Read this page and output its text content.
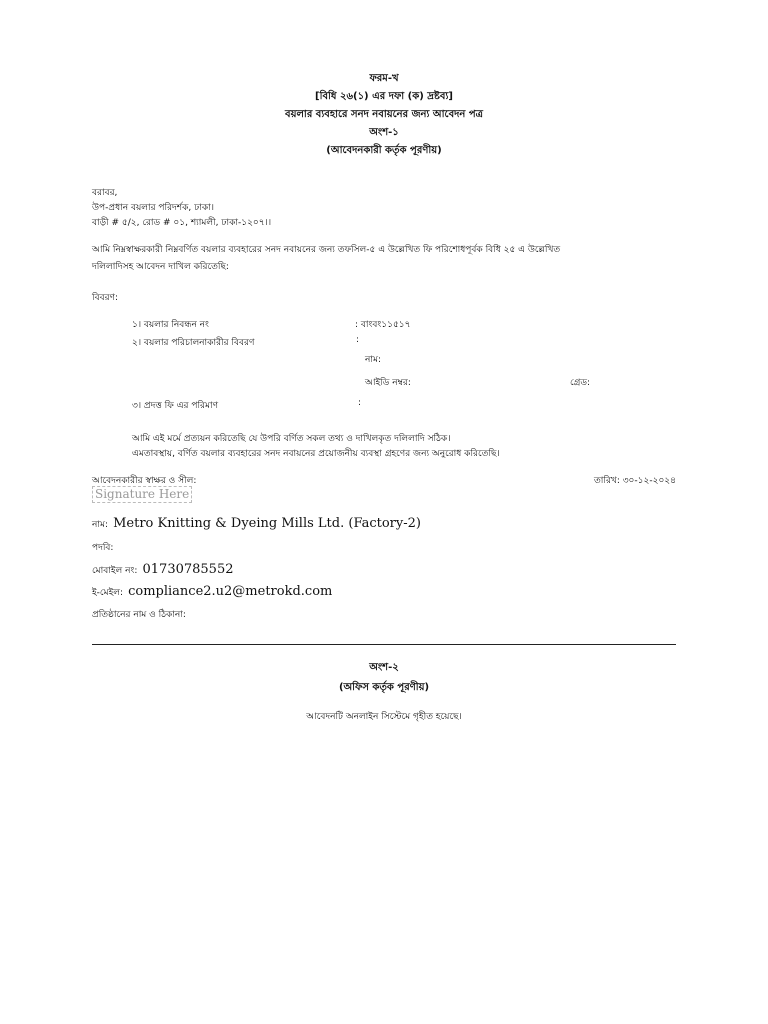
ফরম-খ
[বিধি ২৬(১) এর দফা (ক) দ্রষ্টব্য]
বয়লার ব্যবহারে সনদ নবায়নের জন্য আবেদন পত্র
অংশ-১
(আবেদনকারী কর্তৃক পূরণীয়)
বরাবর,
উপ-প্রধান বয়লার পরিদর্শক, ঢাকা।
বাড়ী # ৫/২, রোড # ০১, শ্যামলী, ঢাকা-১২০৭।।
আমি নিম্নস্বাক্ষরকারী নিম্নবর্ণিত বয়লার ব্যবহারের সনদ নবায়নের জন্য তফসিল-৫ এ উল্লেখিত ফি পরিশোধপূর্বক বিধি ২৫ এ উল্লেখিত
দলিলাদিসহ আবেদন দাখিল করিতেছি:
বিবরণ:
১। বয়লার নিবন্ধন নং	: বাংবং১১৫১৭
২। বয়লার পরিচালনাকারীর বিবরণ	:
নাম:
আইডি নম্বর:	গ্রেড:
৩। প্রদত্ত ফি এর পরিমাণ	:
আমি এই মর্মে প্রত্যয়ন করিতেছি যে উপরি বর্ণিত সকল তথ্য ও দাখিলকৃত দলিলাদি সঠিক।
এমতাবস্থায়, বর্ণিত বয়লার ব্যবহারের সনদ নবায়নের প্রয়োজনীয় ব্যবস্থা গ্রহণের জন্য অনুরোধ করিতেছি।
আবেদনকারীর স্বাক্ষর ও সীল:	তারিখ: ৩০-১২-২০২৪
Signature Here
নাম: Metro Knitting & Dyeing Mills Ltd. (Factory-2)
পদবি:
মোবাইল নং: 01730785552
ই-মেইল: compliance2.u2@metrokd.com
প্রতিষ্ঠানের নাম ও ঠিকানা:
অংশ-২
(অফিস কর্তৃক পূরণীয়)
আবেদনটি অনলাইন সিস্টেমে গৃহীত হয়েছে।
